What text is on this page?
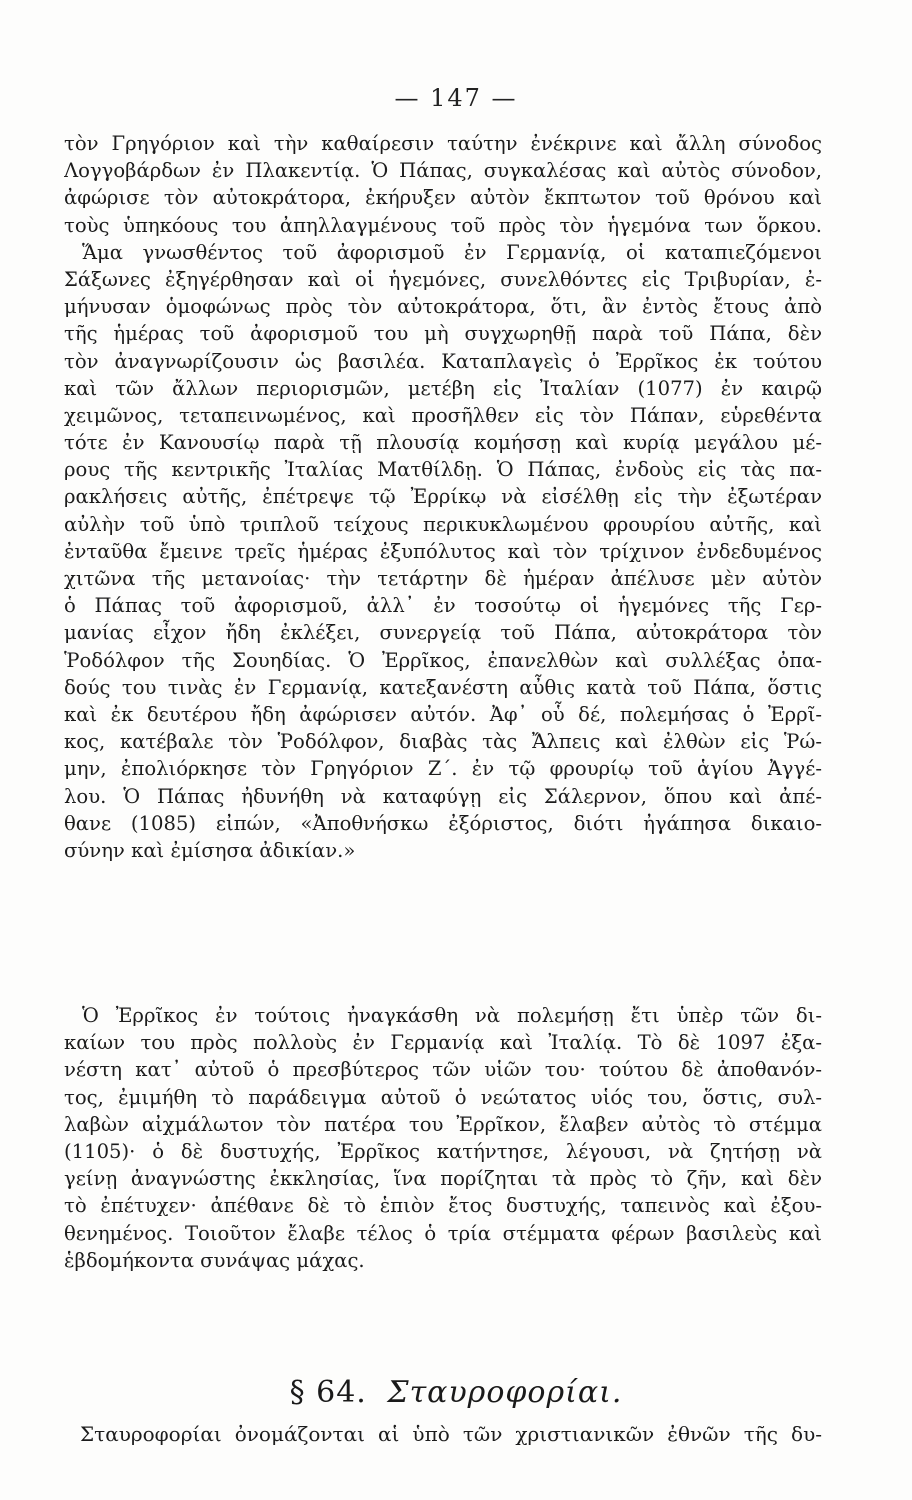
— 147 —
τὸν Γρηγόριον καὶ τὴν καθαίρεσιν ταύτην ἐνέκρινε καὶ ἄλλη σύνοδος
Λογγοβάρδων ἐν Πλακεντίᾳ. Ὁ Πάπας, συγκαλέσας καὶ αὐτὸς σύνοδον,
ἀφώρισε τὸν αὐτοκράτορα, ἐκήρυξεν αὐτὸν ἔκπτωτον τοῦ θρόνου καὶ
τοὺς ὑπηκόους του ἀπηλλαγμένους τοῦ πρὸς τὸν ἡγεμόνα των ὅρκου.
Ἅμα γνωσθέντος τοῦ ἀφορισμοῦ ἐν Γερμανίᾳ, οἱ καταπιεζόμενοι
Σάξωνες ἐξηγέρθησαν καὶ οἱ ἡγεμόνες, συνελθόντες εἰς Τριβυρίαν, ἐ-
μήνυσαν ὁμοφώνως πρὸς τὸν αὐτοκράτορα, ὅτι, ἂν ἐντὸς ἔτους ἀπὸ
τῆς ἡμέρας τοῦ ἀφορισμοῦ του μὴ συγχωρηθῇ παρὰ τοῦ Πάπα, δὲν
τὸν ἀναγνωρίζουσιν ὡς βασιλέα. Καταπλαγεὶς ὁ Ἐρρῖκος ἐκ τούτου
καὶ τῶν ἄλλων περιορισμῶν, μετέβη εἰς Ἰταλίαν (1077) ἐν καιρῷ
χειμῶνος, τεταπεινωμένος, καὶ προσῆλθεν εἰς τὸν Πάπαν, εὑρεθέντα
τότε ἐν Κανουσίῳ παρὰ τῇ πλουσίᾳ κομήσσῃ καὶ κυρίᾳ μεγάλου μέ-
ρους τῆς κεντρικῆς Ἰταλίας Ματθίλδῃ. Ὁ Πάπας, ἐνδοὺς εἰς τὰς πα-
ρακλήσεις αὐτῆς, ἐπέτρεψε τῷ Ἐρρίκῳ νὰ εἰσέλθῃ εἰς τὴν ἐξωτέραν
αὐλὴν τοῦ ὑπὸ τριπλοῦ τείχους περικυκλωμένου φρουρίου αὐτῆς, καὶ
ἐνταῦθα ἔμεινε τρεῖς ἡμέρας ἐξυπόλυτος καὶ τὸν τρίχινον ἐνδεδυμένος
χιτῶνα τῆς μετανοίας· τὴν τετάρτην δὲ ἡμέραν ἀπέλυσε μὲν αὐτὸν
ὁ Πάπας τοῦ ἀφορισμοῦ, ἀλλ᾽ ἐν τοσούτῳ οἱ ἡγεμόνες τῆς Γερ-
μανίας εἶχον ἤδη ἐκλέξει, συνεργείᾳ τοῦ Πάπα, αὐτοκράτορα τὸν
Ῥοδόλφον τῆς Σουηδίας. Ὁ Ἐρρῖκος, ἐπανελθὼν καὶ συλλέξας ὀπα-
δούς του τινὰς ἐν Γερμανίᾳ, κατεξανέστη αὖθις κατὰ τοῦ Πάπα, ὅστις
καὶ ἐκ δευτέρου ἤδη ἀφώρισεν αὐτόν. Ἀφ᾽ οὗ δέ, πολεμήσας ὁ Ἐρρῖ-
κος, κατέβαλε τὸν Ῥοδόλφον, διαβὰς τὰς Ἄλπεις καὶ ἐλθὼν εἰς Ῥώ-
μην, ἐπολιόρκησε τὸν Γρηγόριον Ζ΄. ἐν τῷ φρουρίῳ τοῦ ἁγίου Ἀγγέ-
λου. Ὁ Πάπας ἠδυνήθη νὰ καταφύγῃ εἰς Σάλερνον, ὅπου καὶ ἀπέ-
θανε (1085) εἰπών, «Ἀποθνήσκω ἐξόριστος, διότι ἠγάπησα δικαιο-
σύνην καὶ ἐμίσησα ἀδικίαν.»
Ὁ Ἐρρῖκος ἐν τούτοις ἠναγκάσθη νὰ πολεμήσῃ ἔτι ὑπὲρ τῶν δι-
καίων του πρὸς πολλοὺς ἐν Γερμανίᾳ καὶ Ἰταλίᾳ. Τὸ δὲ 1097 ἐξα-
νέστη κατ᾽ αὐτοῦ ὁ πρεσβύτερος τῶν υἱῶν του· τούτου δὲ ἀποθανόν-
τος, ἐμιμήθη τὸ παράδειγμα αὐτοῦ ὁ νεώτατος υἱός του, ὅστις, συλ-
λαβὼν αἰχμάλωτον τὸν πατέρα του Ἐρρῖκον, ἔλαβεν αὐτὸς τὸ στέμμα
(1105)· ὁ δὲ δυστυχής, Ἐρρῖκος κατήντησε, λέγουσι, νὰ ζητήσῃ νὰ
γείνῃ ἀναγνώστης ἐκκλησίας, ἵνα πορίζηται τὰ πρὸς τὸ ζῆν, καὶ δὲν
τὸ ἐπέτυχεν· ἀπέθανε δὲ τὸ ἑπιὸν ἔτος δυστυχής, ταπεινὸς καὶ ἐξου-
θενημένος. Τοιοῦτον ἔλαβε τέλος ὁ τρία στέμματα φέρων βασιλεὺς καὶ
ἑβδομήκοντα συνάψας μάχας.
§ 64. Σταυροφορίαι.
Σταυροφορίαι ὀνομάζονται αἱ ὑπὸ τῶν χριστιανικῶν ἐθνῶν τῆς δυ-
